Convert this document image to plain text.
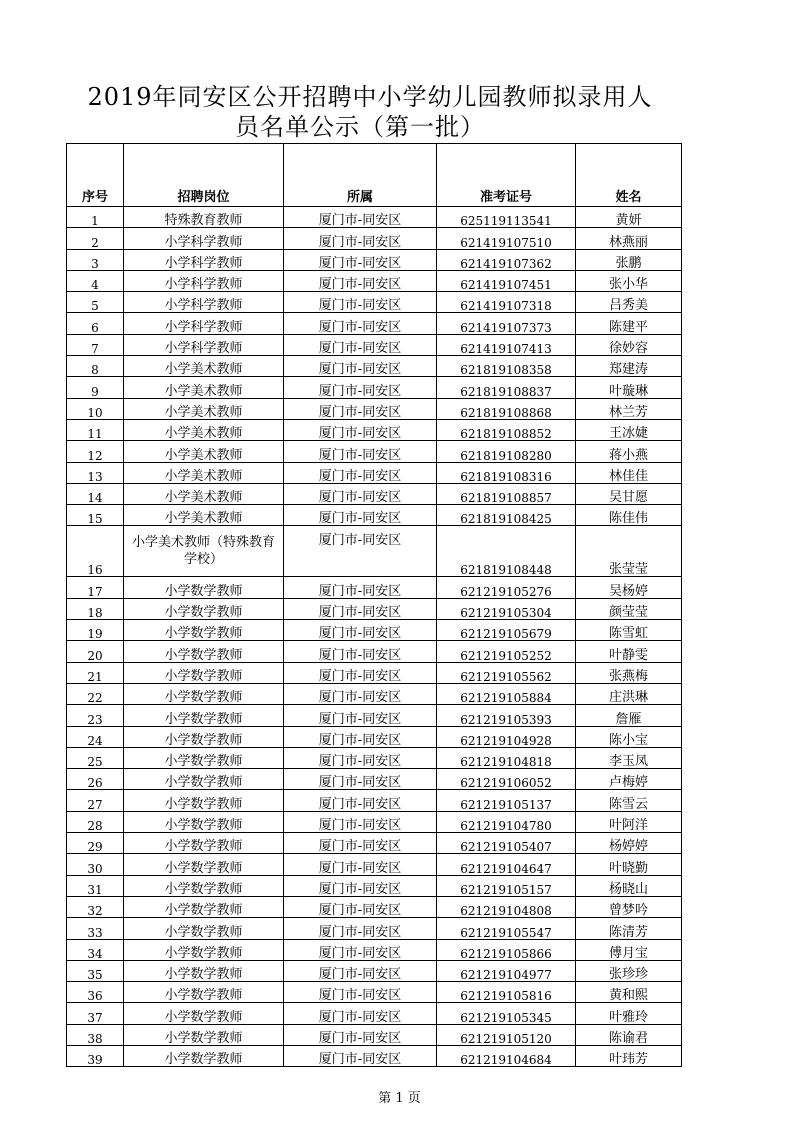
2019年同安区公开招聘中小学幼儿园教师拟录用人
员名单公示（第一批）
序号	招聘岗位	所属	准考证号	姓名
1	特殊教育教师	厦门市-同安区	625119113541	黄妍
2	小学科学教师	厦门市-同安区	621419107510	林燕丽
3	小学科学教师	厦门市-同安区	621419107362	张鹏
4	小学科学教师	厦门市-同安区	621419107451	张小华
5	小学科学教师	厦门市-同安区	621419107318	吕秀美
6	小学科学教师	厦门市-同安区	621419107373	陈建平
7	小学科学教师	厦门市-同安区	621419107413	徐妙容
8	小学美术教师	厦门市-同安区	621819108358	郑建涛
9	小学美术教师	厦门市-同安区	621819108837	叶璇琳
10	小学美术教师	厦门市-同安区	621819108868	林兰芳
11	小学美术教师	厦门市-同安区	621819108852	王冰婕
12	小学美术教师	厦门市-同安区	621819108280	蒋小燕
13	小学美术教师	厦门市-同安区	621819108316	林佳佳
14	小学美术教师	厦门市-同安区	621819108857	吴甘愿
15	小学美术教师	厦门市-同安区	621819108425	陈佳伟
16	小学美术教师（特殊教育学校）	厦门市-同安区	621819108448	张莹莹
17	小学数学教师	厦门市-同安区	621219105276	吴杨婷
18	小学数学教师	厦门市-同安区	621219105304	颜莹莹
19	小学数学教师	厦门市-同安区	621219105679	陈雪虹
20	小学数学教师	厦门市-同安区	621219105252	叶静雯
21	小学数学教师	厦门市-同安区	621219105562	张燕梅
22	小学数学教师	厦门市-同安区	621219105884	庄洪琳
23	小学数学教师	厦门市-同安区	621219105393	詹雁
24	小学数学教师	厦门市-同安区	621219104928	陈小宝
25	小学数学教师	厦门市-同安区	621219104818	李玉凤
26	小学数学教师	厦门市-同安区	621219106052	卢梅婷
27	小学数学教师	厦门市-同安区	621219105137	陈雪云
28	小学数学教师	厦门市-同安区	621219104780	叶阿洋
29	小学数学教师	厦门市-同安区	621219105407	杨婷婷
30	小学数学教师	厦门市-同安区	621219104647	叶晓勤
31	小学数学教师	厦门市-同安区	621219105157	杨晓山
32	小学数学教师	厦门市-同安区	621219104808	曾梦吟
33	小学数学教师	厦门市-同安区	621219105547	陈清芳
34	小学数学教师	厦门市-同安区	621219105866	傅月宝
35	小学数学教师	厦门市-同安区	621219104977	张珍珍
36	小学数学教师	厦门市-同安区	621219105816	黄和熙
37	小学数学教师	厦门市-同安区	621219105345	叶雅玲
38	小学数学教师	厦门市-同安区	621219105120	陈谕君
39	小学数学教师	厦门市-同安区	621219104684	叶玮芳
第 1 页
